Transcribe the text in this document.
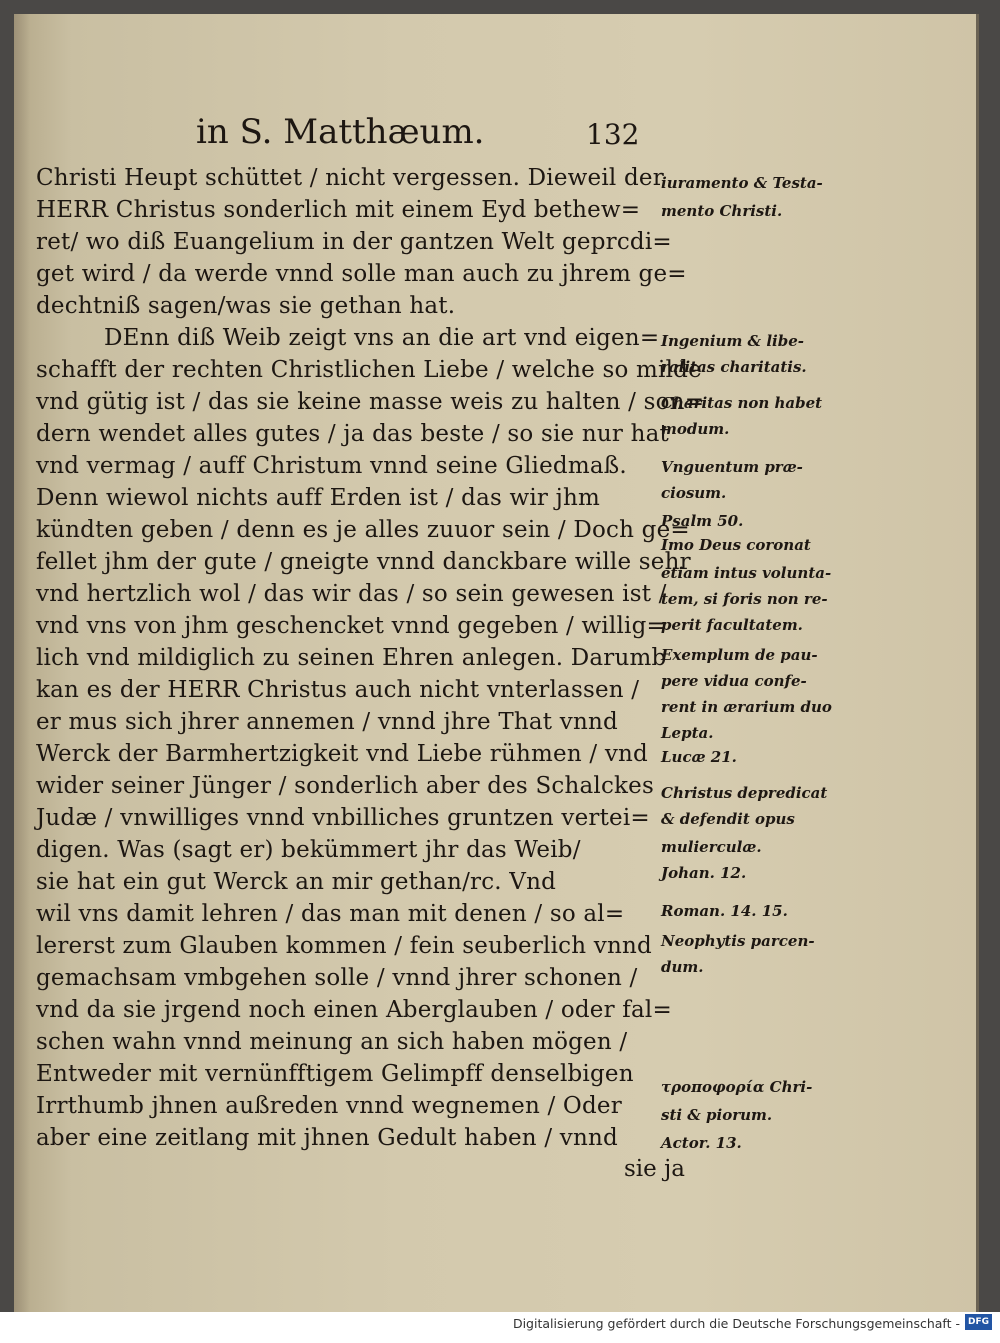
in S. Matthæum.	132
Christi Heupt schüttet / nicht vergessen. Dieweil der
HERR Christus sonderlich mit einem Eyd bethew=
ret/ wo diß Euangelium in der gantzen Welt geprcdi=
get wird / da werde vnnd solle man auch zu jhrem ge=
dechtniß sagen/was sie gethan hat.
DEnn diß Weib zeigt vns an die art vnd eigen=
schafft der rechten Christlichen Liebe / welche so milde
vnd gütig ist / das sie keine masse weis zu halten / son=
dern wendet alles gutes / ja das beste / so sie nur hat
vnd vermag / auff Christum vnnd seine Gliedmaß.
Denn wiewol nichts auff Erden ist / das wir jhm
kündten geben / denn es je alles zuuor sein / Doch ge=
fellet jhm der gute / gneigte vnnd danckbare wille sehr
vnd hertzlich wol / das wir das / so sein gewesen ist /
vnd vns von jhm geschencket vnnd gegeben / willig=
lich vnd mildiglich zu seinen Ehren anlegen. Darumb
kan es der HERR Christus auch nicht vnterlassen /
er mus sich jhrer annemen / vnnd jhre That vnnd
Werck der Barmhertzigkeit vnd Liebe rühmen / vnd
wider seiner Jünger / sonderlich aber des Schalckes
Judæ / vnwilliges vnnd vnbilliches gruntzen vertei=
digen. Was (sagt er) bekümmert jhr das Weib/
sie hat ein gut Werck an mir gethan/rc. Vnd
wil vns damit lehren / das man mit denen / so al=
lererst zum Glauben kommen / fein seuberlich vnnd
gemachsam vmbgehen solle / vnnd jhrer schonen /
vnd da sie jrgend noch einen Aberglauben / oder fal=
schen wahn vnnd meinung an sich haben mögen /
Entweder mit vernünfftigem Gelimpff denselbigen
Irrthumb jhnen außreden vnnd wegnemen / Oder
aber eine zeitlang mit jhnen Gedult haben / vnnd
iuramento & Testa-
mento Christi.
Ingenium & libe-
ralitas charitatis.
Charitas non habet
modum.
Vnguentum præ-
ciosum.
Psalm 50.
Imo Deus coronat
etiam intus volunta-
tem, si foris non re-
perit facultatem.
Exemplum de pau-
pere vidua confe-
rent in ærarium duo
Lepta.
Lucæ 21.
Christus depredicat
& defendit opus
mulierculæ.
Johan. 12.
Roman. 14. 15.
Neophytis parcen-
dum.
τροποφορία Chri-
sti & piorum.
Actor. 13.
sie ja
Digitalisierung gefördert durch die Deutsche Forschungsgemeinschaft - DFG
